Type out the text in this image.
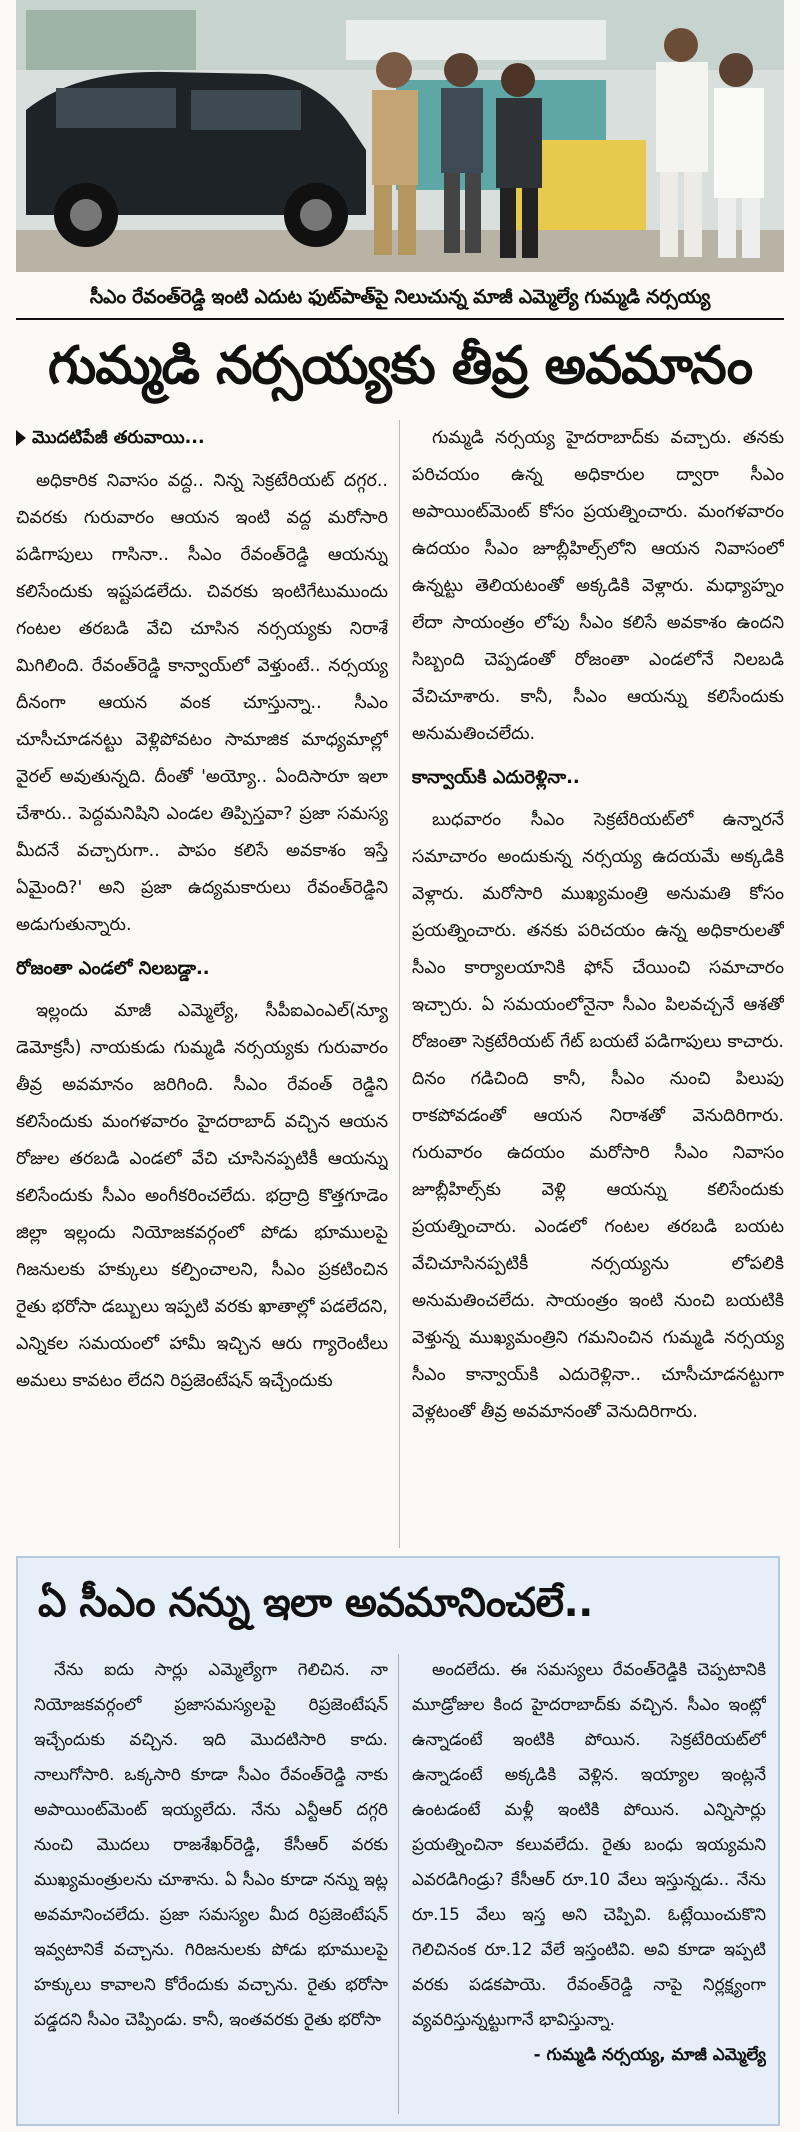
సీఎం రేవంత్‌రెడ్డి ఇంటి ఎదుట ఫుట్‌పాత్‌పై నిలుచున్న మాజీ ఎమ్మెల్యే గుమ్మడి నర్సయ్య
గుమ్మడి నర్సయ్యకు తీవ్ర అవమానం

మొదటిపేజీ తరువాయి...

అధికారిక నివాసం వద్ద.. నిన్న సెక్రటేరియట్‌ దగ్గర.. చివరకు గురువారం ఆయన ఇంటి వద్ద మరోసారి పడిగాపులు గాసినా.. సీఎం రేవంత్‌రెడ్డి ఆయన్ను కలిసేందుకు ఇష్టపడలేదు. చివరకు ఇంటిగేటుముందు గంటల తరబడి వేచి చూసిన నర్సయ్యకు నిరాశే మిగిలింది. రేవంత్‌రెడ్డి కాన్వాయ్‌లో వెళ్తుంటే.. నర్సయ్య దీనంగా ఆయన వంక చూస్తున్నా.. సీఎం చూసీచూడనట్టు వెళ్లిపోవటం సామాజిక మాధ్యమాల్లో వైరల్‌ అవుతున్నది. దీంతో 'అయ్యో.. ఏందిసారూ ఇలా చేశారు.. పెద్దమనిషిని ఎండల తిప్పిస్తవా? ప్రజా సమస్య మీదనే వచ్చారుగా.. పాపం కలిసే అవకాశం ఇస్తే ఏమైంది?' అని ప్రజా ఉద్యమకారులు రేవంత్‌రెడ్డిని అడుగుతున్నారు.

రోజంతా ఎండలో నిలబడ్డా..

ఇల్లందు మాజీ ఎమ్మెల్యే, సీపీఐఎంఎల్‌(న్యూ డెమోక్రసీ) నాయకుడు గుమ్మడి నర్సయ్యకు గురువారం తీవ్ర అవమానం జరిగింది. సీఎం రేవంత్‌ రెడ్డిని కలిసేందుకు మంగళవారం హైదరాబాద్‌ వచ్చిన ఆయన రోజుల తరబడి ఎండలో వేచి చూసినప్పటికీ ఆయన్ను కలిసేందుకు సీఎం అంగీకరించలేదు. భద్రాద్రి కొత్తగూడెం జిల్లా ఇల్లందు నియోజకవర్గంలో పోడు భూములపై గిజనులకు హక్కులు కల్పించాలని, సీఎం ప్రకటించిన రైతు భరోసా డబ్బులు ఇప్పటి వరకు ఖాతాల్లో పడలేదని, ఎన్నికల సమయంలో హామీ ఇచ్చిన ఆరు గ్యారెంటీలు అమలు కావటం లేదని రిప్రజెంటేషన్‌ ఇచ్చేందుకు

గుమ్మడి నర్సయ్య హైదరాబాద్‌కు వచ్చారు. తనకు పరిచయం ఉన్న అధికారుల ద్వారా సీఎం అపాయింట్‌మెంట్‌ కోసం ప్రయత్నించారు. మంగళవారం ఉదయం సీఎం జూబ్లీహిల్స్‌లోని ఆయన నివాసంలో ఉన్నట్టు తెలియటంతో అక్కడికి వెళ్లారు. మధ్యాహ్నం లేదా సాయంత్రం లోపు సీఎం కలిసే అవకాశం ఉందని సిబ్బంది చెప్పడంతో రోజంతా ఎండలోనే నిలబడి వేచిచూశారు. కానీ, సీఎం ఆయన్ను కలిసేందుకు అనుమతించలేదు.

కాన్వాయ్‌కి ఎదురెళ్లినా..

బుధవారం సీఎం సెక్రటేరియట్‌లో ఉన్నారనే సమాచారం అందుకున్న నర్సయ్య ఉదయమే అక్కడికి వెళ్లారు. మరోసారి ముఖ్యమంత్రి అనుమతి కోసం ప్రయత్నించారు. తనకు పరిచయం ఉన్న అధికారులతో సీఎం కార్యాలయానికి ఫోన్‌ చేయించి సమాచారం ఇచ్చారు. ఏ సమయంలోనైనా సీఎం పిలవచ్చనే ఆశతో రోజంతా సెక్రటేరియట్‌ గేట్‌ బయటే పడిగాపులు కాచారు. దినం గడిచింది కానీ, సీఎం నుంచి పిలుపు రాకపోవడంతో ఆయన నిరాశతో వెనుదిరిగారు. గురువారం ఉదయం మరోసారి సీఎం నివాసం జూబ్లీహిల్స్‌కు వెళ్లి ఆయన్ను కలిసేందుకు ప్రయత్నించారు. ఎండలో గంటల తరబడి బయట వేచిచూసినప్పటికీ నర్సయ్యను లోపలికి అనుమతించలేదు. సాయంత్రం ఇంటి నుంచి బయటికి వెళ్తున్న ముఖ్యమంత్రిని గమనించిన గుమ్మడి నర్సయ్య సీఎం కాన్వాయ్‌కి ఎదురెళ్లినా.. చూసీచూడనట్టుగా వెళ్లటంతో తీవ్ర అవమానంతో వెనుదిరిగారు.

ఏ సీఎం నన్ను ఇలా అవమానించలే..

నేను ఐదు సార్లు ఎమ్మెల్యేగా గెలిచిన. నా నియోజకవర్గంలో ప్రజాసమస్యలపై రిప్రజెంటేషన్‌ ఇచ్చేందుకు వచ్చిన. ఇది మొదటిసారి కాదు. నాలుగోసారి. ఒక్కసారి కూడా సీఎం రేవంత్‌రెడ్డి నాకు అపాయింట్‌మెంట్‌ ఇయ్యలేదు. నేను ఎన్టీఆర్‌ దగ్గరి నుంచి మొదలు రాజశేఖర్‌రెడ్డి, కేసీఆర్‌ వరకు ముఖ్యమంత్రులను చూశాను. ఏ సీఎం కూడా నన్ను ఇట్ల అవమానించలేదు. ప్రజా సమస్యల మీద రిప్రజెంటేషన్‌ ఇవ్వటానికే వచ్చాను. గిరిజనులకు పోడు భూములపై హక్కులు కావాలని కోరేందుకు వచ్చాను. రైతు భరోసా పడ్డదని సీఎం చెప్పిండు. కానీ, ఇంతవరకు రైతు భరోసా

అందలేదు. ఈ సమస్యలు రేవంత్‌రెడ్డికి చెప్పటానికి మూడ్రోజుల కింద హైదరాబాద్‌కు వచ్చిన. సీఎం ఇంట్లో ఉన్నాడంటే ఇంటికి పోయిన. సెక్రటేరియట్‌లో ఉన్నాడంటే అక్కడికి వెళ్లిన. ఇయ్యాల ఇంట్లనే ఉంటడంటే మళ్లీ ఇంటికి పోయిన. ఎన్నిసార్లు ప్రయత్నించినా కలువలేదు. రైతు బంధు ఇయ్యమని ఎవరడిగిండ్రు? కేసీఆర్‌ రూ.10 వేలు ఇస్తున్నడు.. నేను రూ.15 వేలు ఇస్త అని చెప్పివి. ఓట్లేయించుకొని గెలిచినంక రూ.12 వేలే ఇస్తంటివి. అవి కూడా ఇప్పటి వరకు పడకపాయె. రేవంత్‌రెడ్డి నాపై నిర్లక్ష్యంగా వ్యవరిస్తున్నట్టుగానే భావిస్తున్నా.

- గుమ్మడి నర్సయ్య, మాజీ ఎమ్మెల్యే
